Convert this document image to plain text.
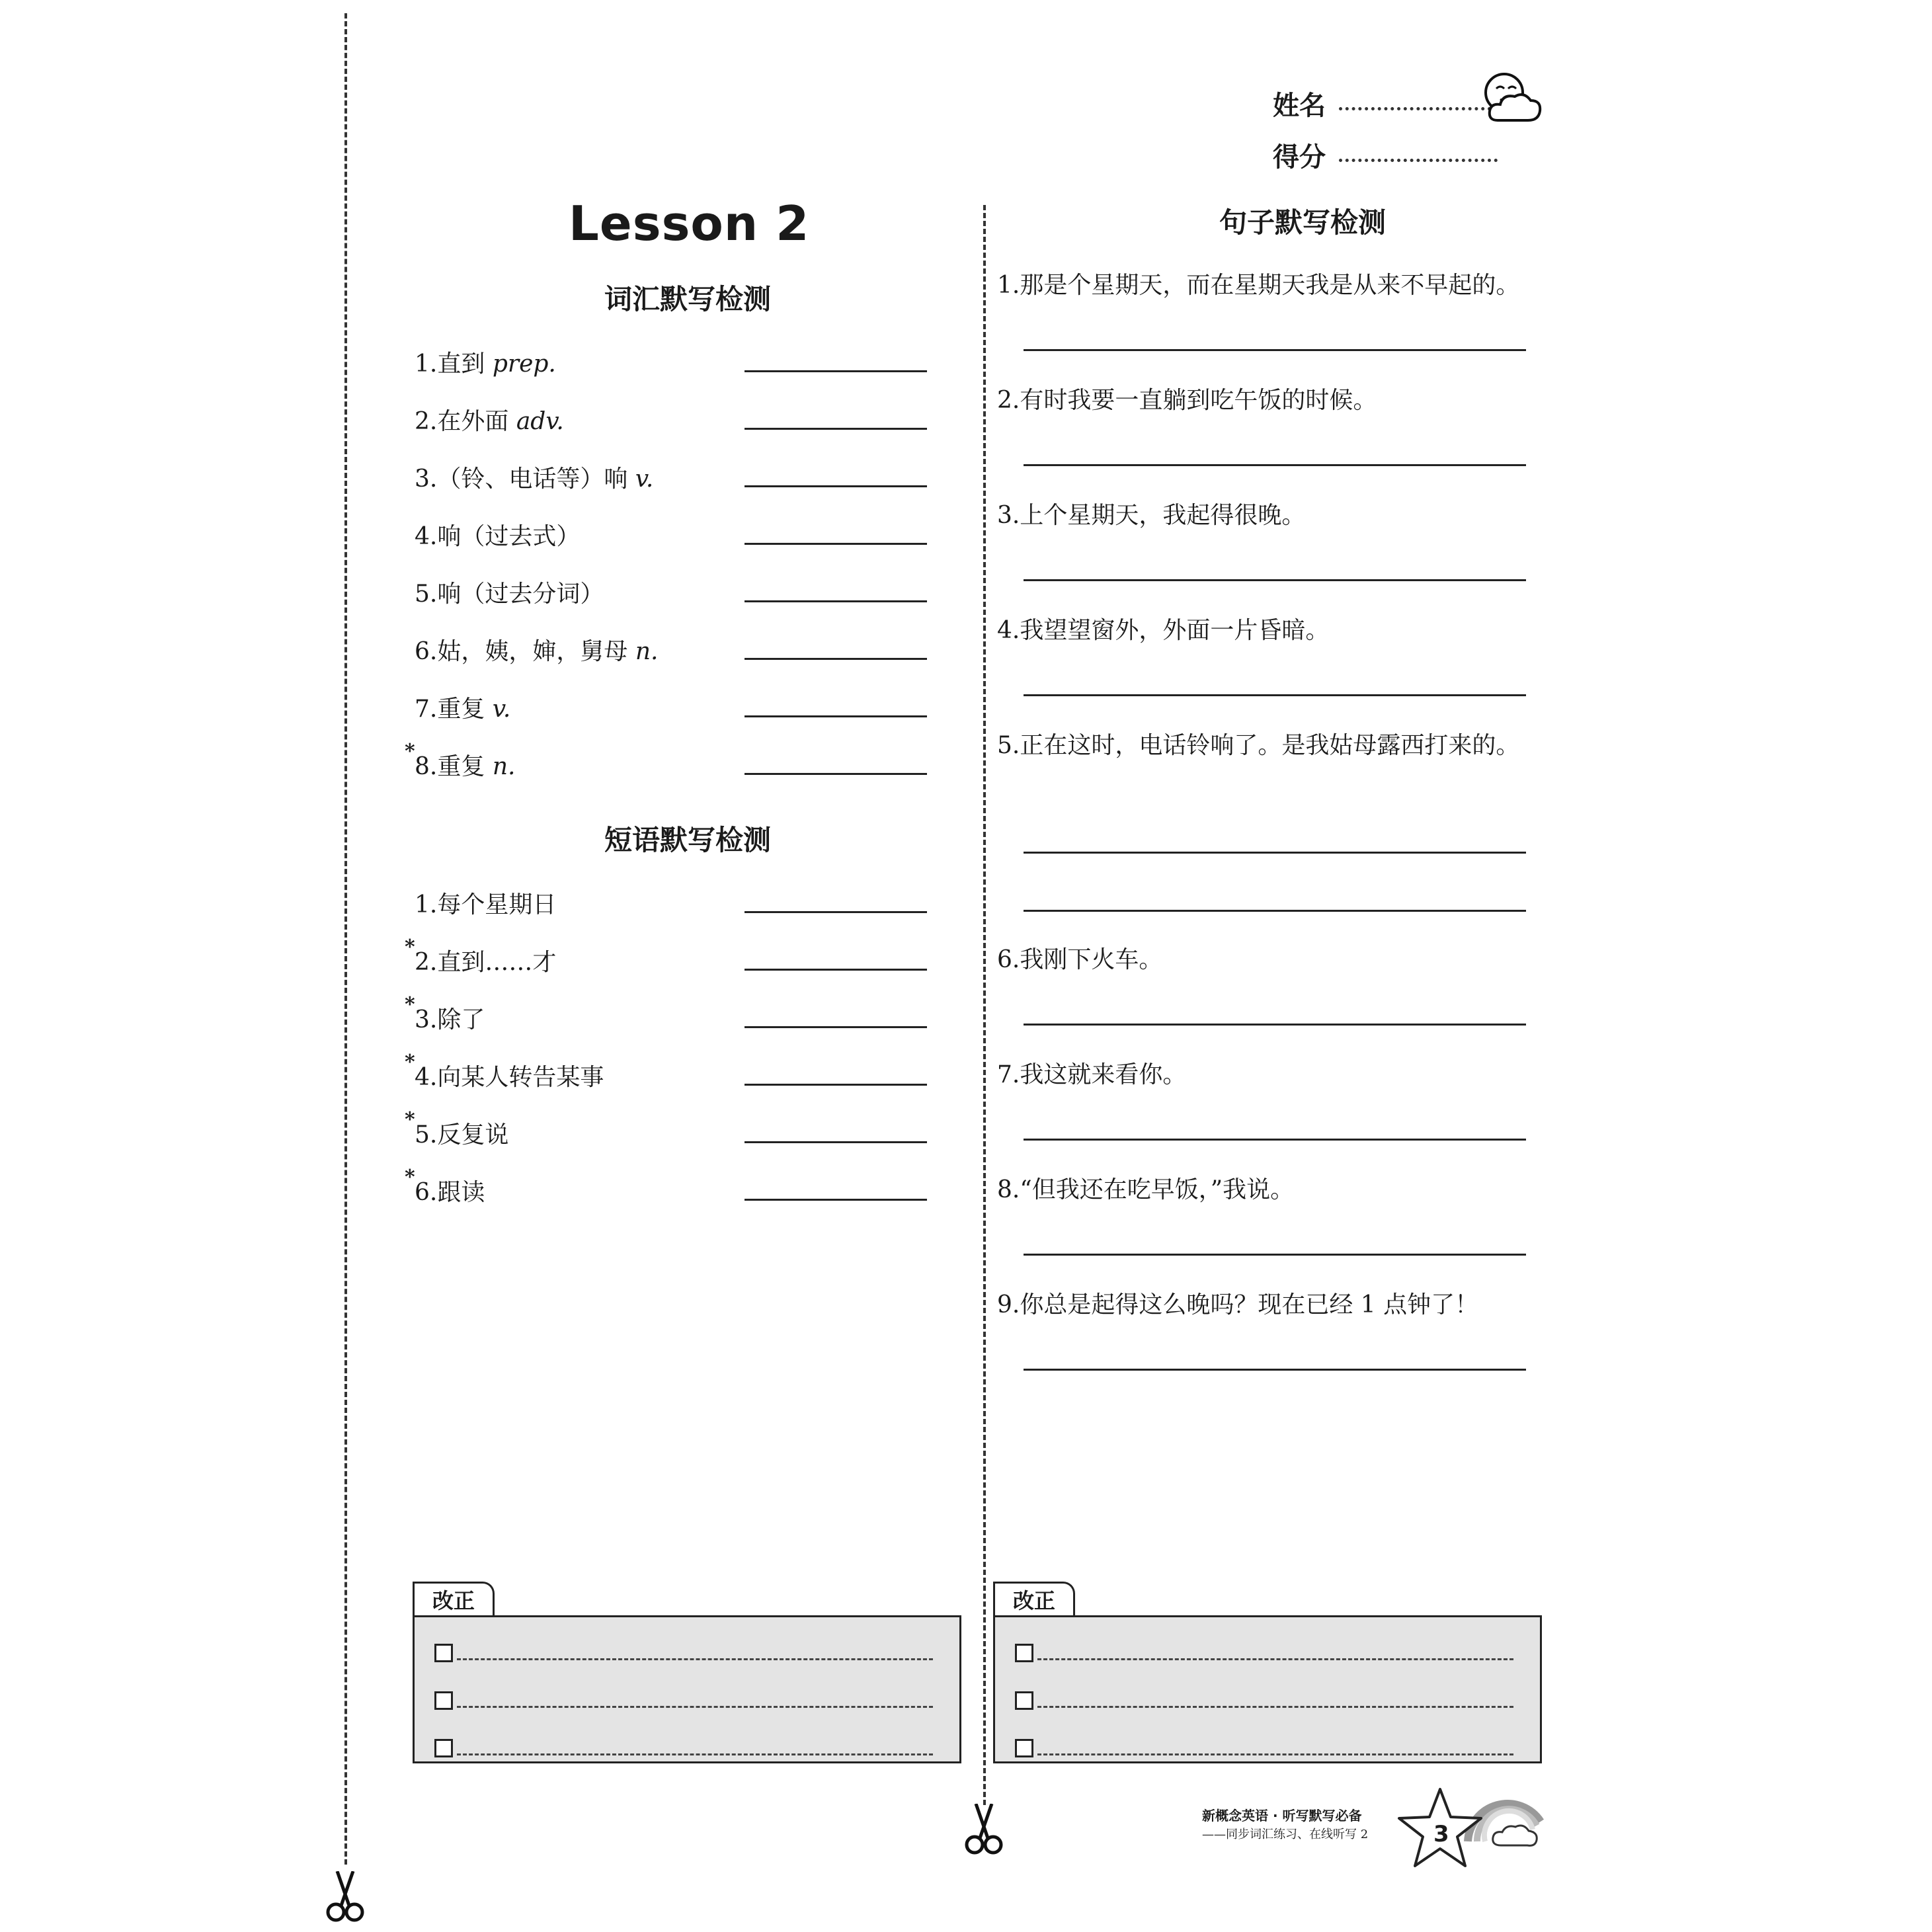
姓名
得分
Lesson 2
词汇默写检测
1.直到 prep.
2.在外面 adv.
3.（铃、电话等）响 v.
4.响（过去式）
5.响（过去分词）
6.姑，姨，婶，舅母 n.
7.重复 v.
*
8.重复 n.
短语默写检测
1.每个星期日
*
2.直到……才
*
3.除了
*
4.向某人转告某事
*
5.反复说
*
6.跟读
句子默写检测
1.那是个星期天，而在星期天我是从来不早起的。
2.有时我要一直躺到吃午饭的时候。
3.上个星期天，我起得很晚。
4.我望望窗外，外面一片昏暗。
5.正在这时，电话铃响了。是我姑母露西打来的。
6.我刚下火车。
7.我这就来看你。
8.“但我还在吃早饭，”我说。
9.你总是起得这么晚吗？现在已经 1 点钟了！
改正	改正
新概念英语 · 听写默写必备
——同步词汇练习、在线听写 2	3
